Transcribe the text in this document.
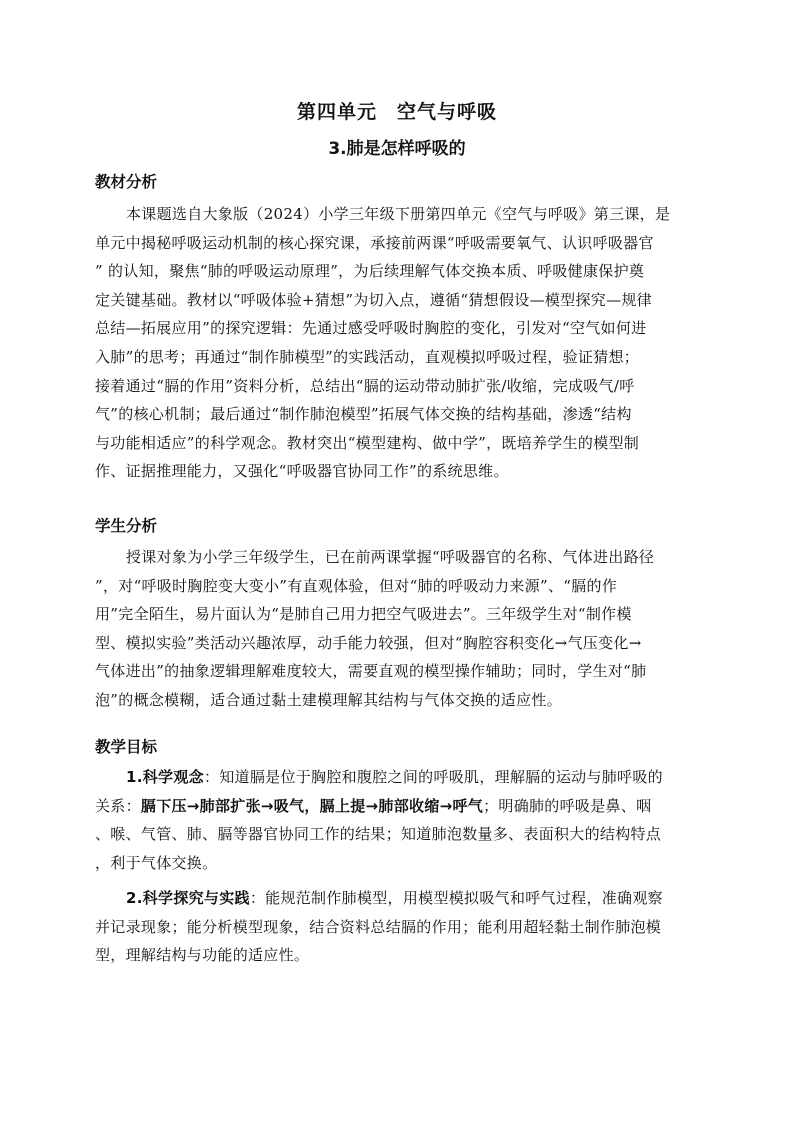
第四单元　空气与呼吸
3.肺是怎样呼吸的
教材分析
本课题选自大象版（2024）小学三年级下册第四单元《空气与呼吸》第三课，是
单元中揭秘呼吸运动机制的核心探究课，承接前两课“呼吸需要氧气、认识呼吸器官
” 的认知，聚焦“肺的呼吸运动原理”，为后续理解气体交换本质、呼吸健康保护奠
定关键基础。教材以“呼吸体验+猜想”为切入点，遵循“猜想假设—模型探究—规律
总结—拓展应用”的探究逻辑：先通过感受呼吸时胸腔的变化，引发对“空气如何进
入肺”的思考；再通过“制作肺模型”的实践活动，直观模拟呼吸过程，验证猜想；
接着通过“膈的作用”资料分析，总结出“膈的运动带动肺扩张/收缩，完成吸气/呼
气”的核心机制；最后通过“制作肺泡模型”拓展气体交换的结构基础，渗透“结构
与功能相适应”的科学观念。教材突出“模型建构、做中学”，既培养学生的模型制
作、证据推理能力，又强化“呼吸器官协同工作”的系统思维。
学生分析
授课对象为小学三年级学生，已在前两课掌握“呼吸器官的名称、气体进出路径
”，对“呼吸时胸腔变大变小”有直观体验，但对“肺的呼吸动力来源”、“膈的作
用”完全陌生，易片面认为“是肺自己用力把空气吸进去”。三年级学生对“制作模
型、模拟实验”类活动兴趣浓厚，动手能力较强，但对“胸腔容积变化→气压变化→
气体进出”的抽象逻辑理解难度较大，需要直观的模型操作辅助；同时，学生对“肺
泡”的概念模糊，适合通过黏土建模理解其结构与气体交换的适应性。
教学目标
1.科学观念：知道膈是位于胸腔和腹腔之间的呼吸肌，理解膈的运动与肺呼吸的
关系：膈下压→肺部扩张→吸气，膈上提→肺部收缩→呼气；明确肺的呼吸是鼻、咽
、喉、气管、肺、膈等器官协同工作的结果；知道肺泡数量多、表面积大的结构特点
，利于气体交换。
2.科学探究与实践：能规范制作肺模型，用模型模拟吸气和呼气过程，准确观察
并记录现象；能分析模型现象，结合资料总结膈的作用；能利用超轻黏土制作肺泡模
型，理解结构与功能的适应性。
